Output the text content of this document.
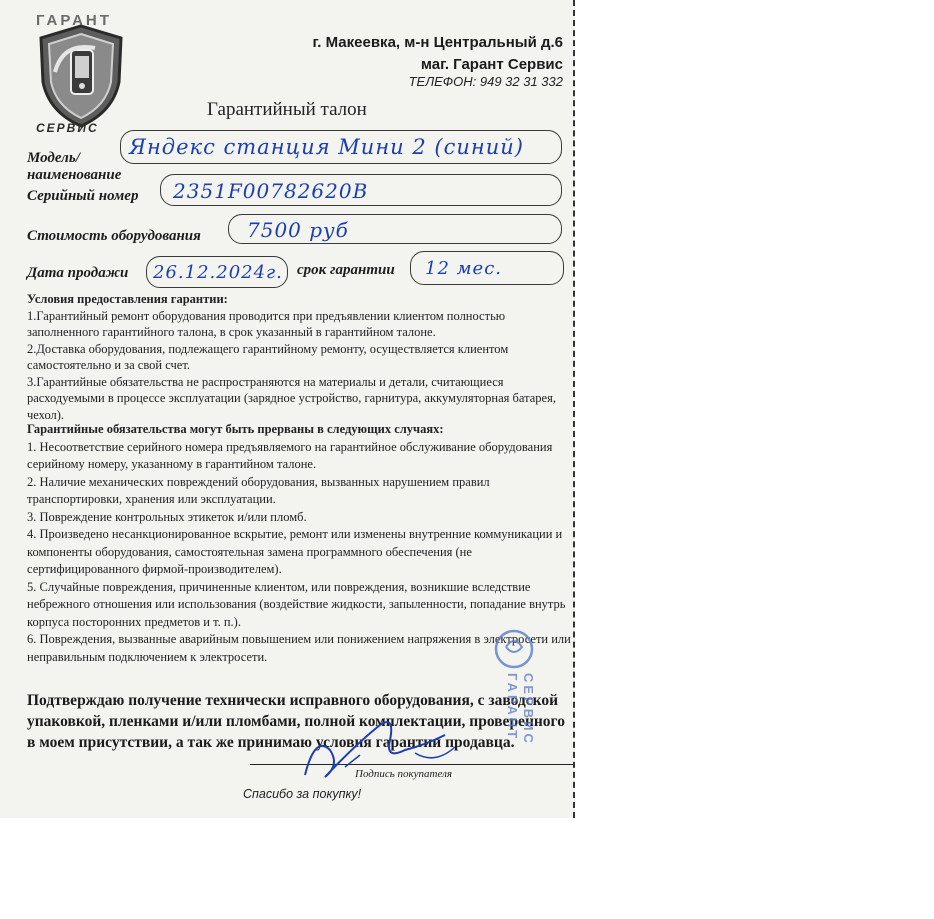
ГАРАНТ
СЕРВИС
г. Макеевка, м-н Центральный д.6
маг. Гарант Сервис
ТЕЛЕФОН: 949 32 31 332
Гарантийный талон
Модель/
наименование
Яндекс станция Мини 2 (синий)
Серийный номер 2351F00782620B
Стоимость оборудования 7500 руб
Дата продажи 26.12.2024г. срок гарантии 12 мес.
Условия предоставления гарантии:
1.Гарантийный ремонт оборудования проводится при предъявлении клиентом полностью заполненного гарантийного талона, в срок указанный в гарантийном талоне.
2.Доставка оборудования, подлежащего гарантийному ремонту, осуществляется клиентом самостоятельно и за свой счет.
3.Гарантийные обязательства не распространяются на материалы и детали, считающиеся расходуемыми в процессе эксплуатации (зарядное устройство, гарнитура, аккумуляторная батарея, чехол).
Гарантийные обязательства могут быть прерваны в следующих случаях:
1. Несоответствие серийного номера предъявляемого на гарантийное обслуживание оборудования серийному номеру, указанному в гарантийном талоне.
2. Наличие механических повреждений оборудования, вызванных нарушением правил транспортировки, хранения или эксплуатации.
3. Повреждение контрольных этикеток и/или пломб.
4. Произведено несанкционированное вскрытие, ремонт или изменены внутренние коммуникации и компоненты оборудования, самостоятельная замена программного обеспечения (не сертифицированного фирмой-производителем).
5. Случайные повреждения, причиненные клиентом, или повреждения, возникшие вследствие небрежного отношения или использования (воздействие жидкости, запыленности, попадание внутрь корпуса посторонних предметов и т. п.).
6. Повреждения, вызванные аварийным повышением или понижением напряжения в электросети или неправильным подключением к электросети.
Подтверждаю получение технически исправного оборудования, с заводской упаковкой, пленками и/или пломбами, полной комплектации, проверенного в моем присутствии, а так же принимаю условия гарантии продавца.
Подпись покупателя
Спасибо за покупку!
ГАРАНТ СЕРВИС
